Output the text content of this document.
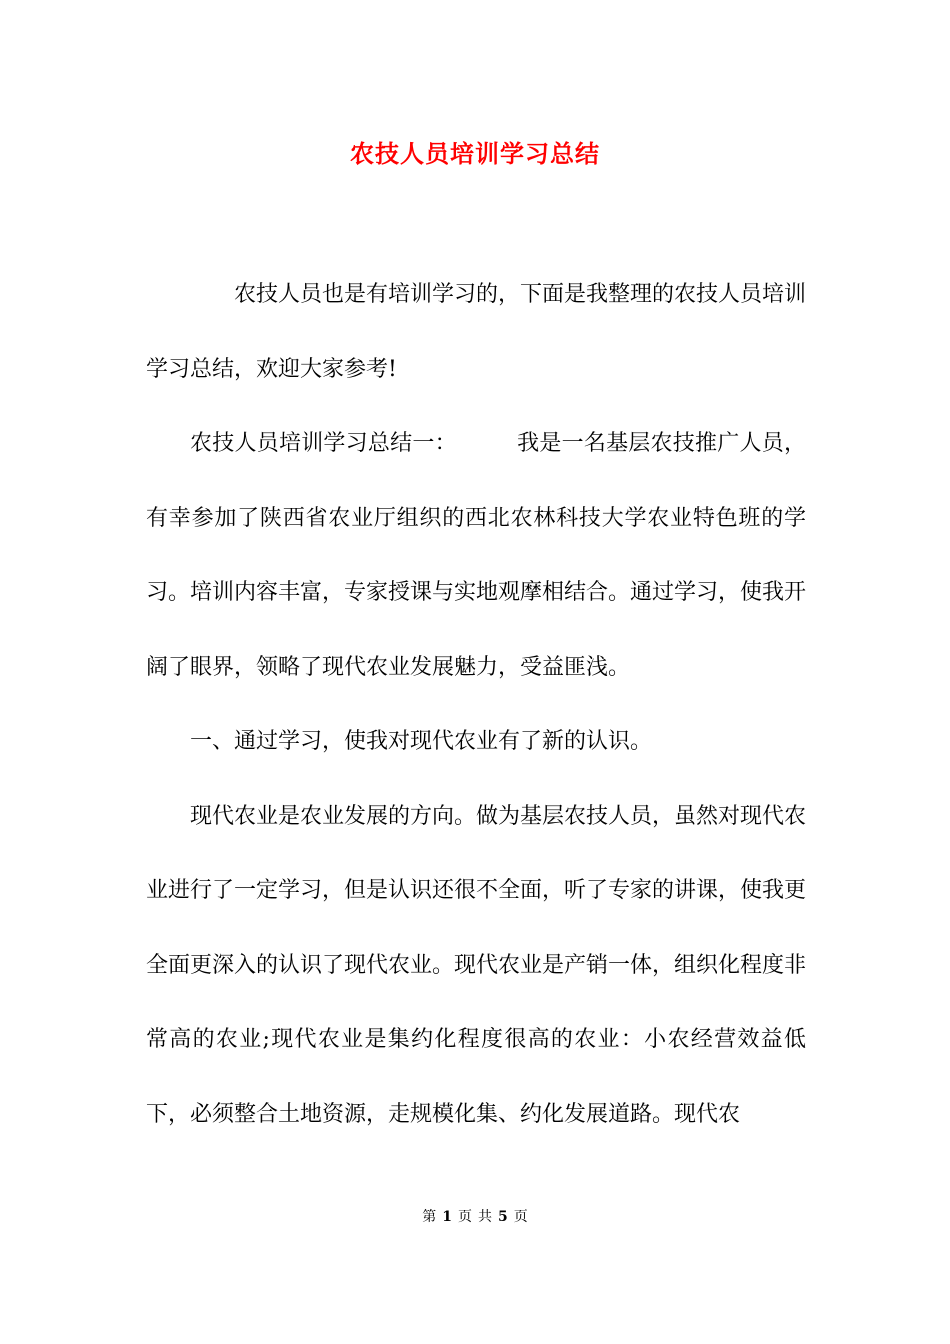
农技人员培训学习总结

农技人员也是有培训学习的，下面是我整理的农技人员培训学习总结，欢迎大家参考!

农技人员培训学习总结一：	我是一名基层农技推广人员，有幸参加了陕西省农业厅组织的西北农林科技大学农业特色班的学习。培训内容丰富，专家授课与实地观摩相结合。通过学习，使我开阔了眼界，领略了现代农业发展魅力，受益匪浅。

一、通过学习，使我对现代农业有了新的认识。

现代农业是农业发展的方向。做为基层农技人员，虽然对现代农业进行了一定学习，但是认识还很不全面，听了专家的讲课，使我更全面更深入的认识了现代农业。现代农业是产销一体，组织化程度非常高的农业;现代农业是集约化程度很高的农业：小农经营效益低下，必须整合土地资源，走规模化集、约化发展道路。现代农

第 1 页 共 5 页
